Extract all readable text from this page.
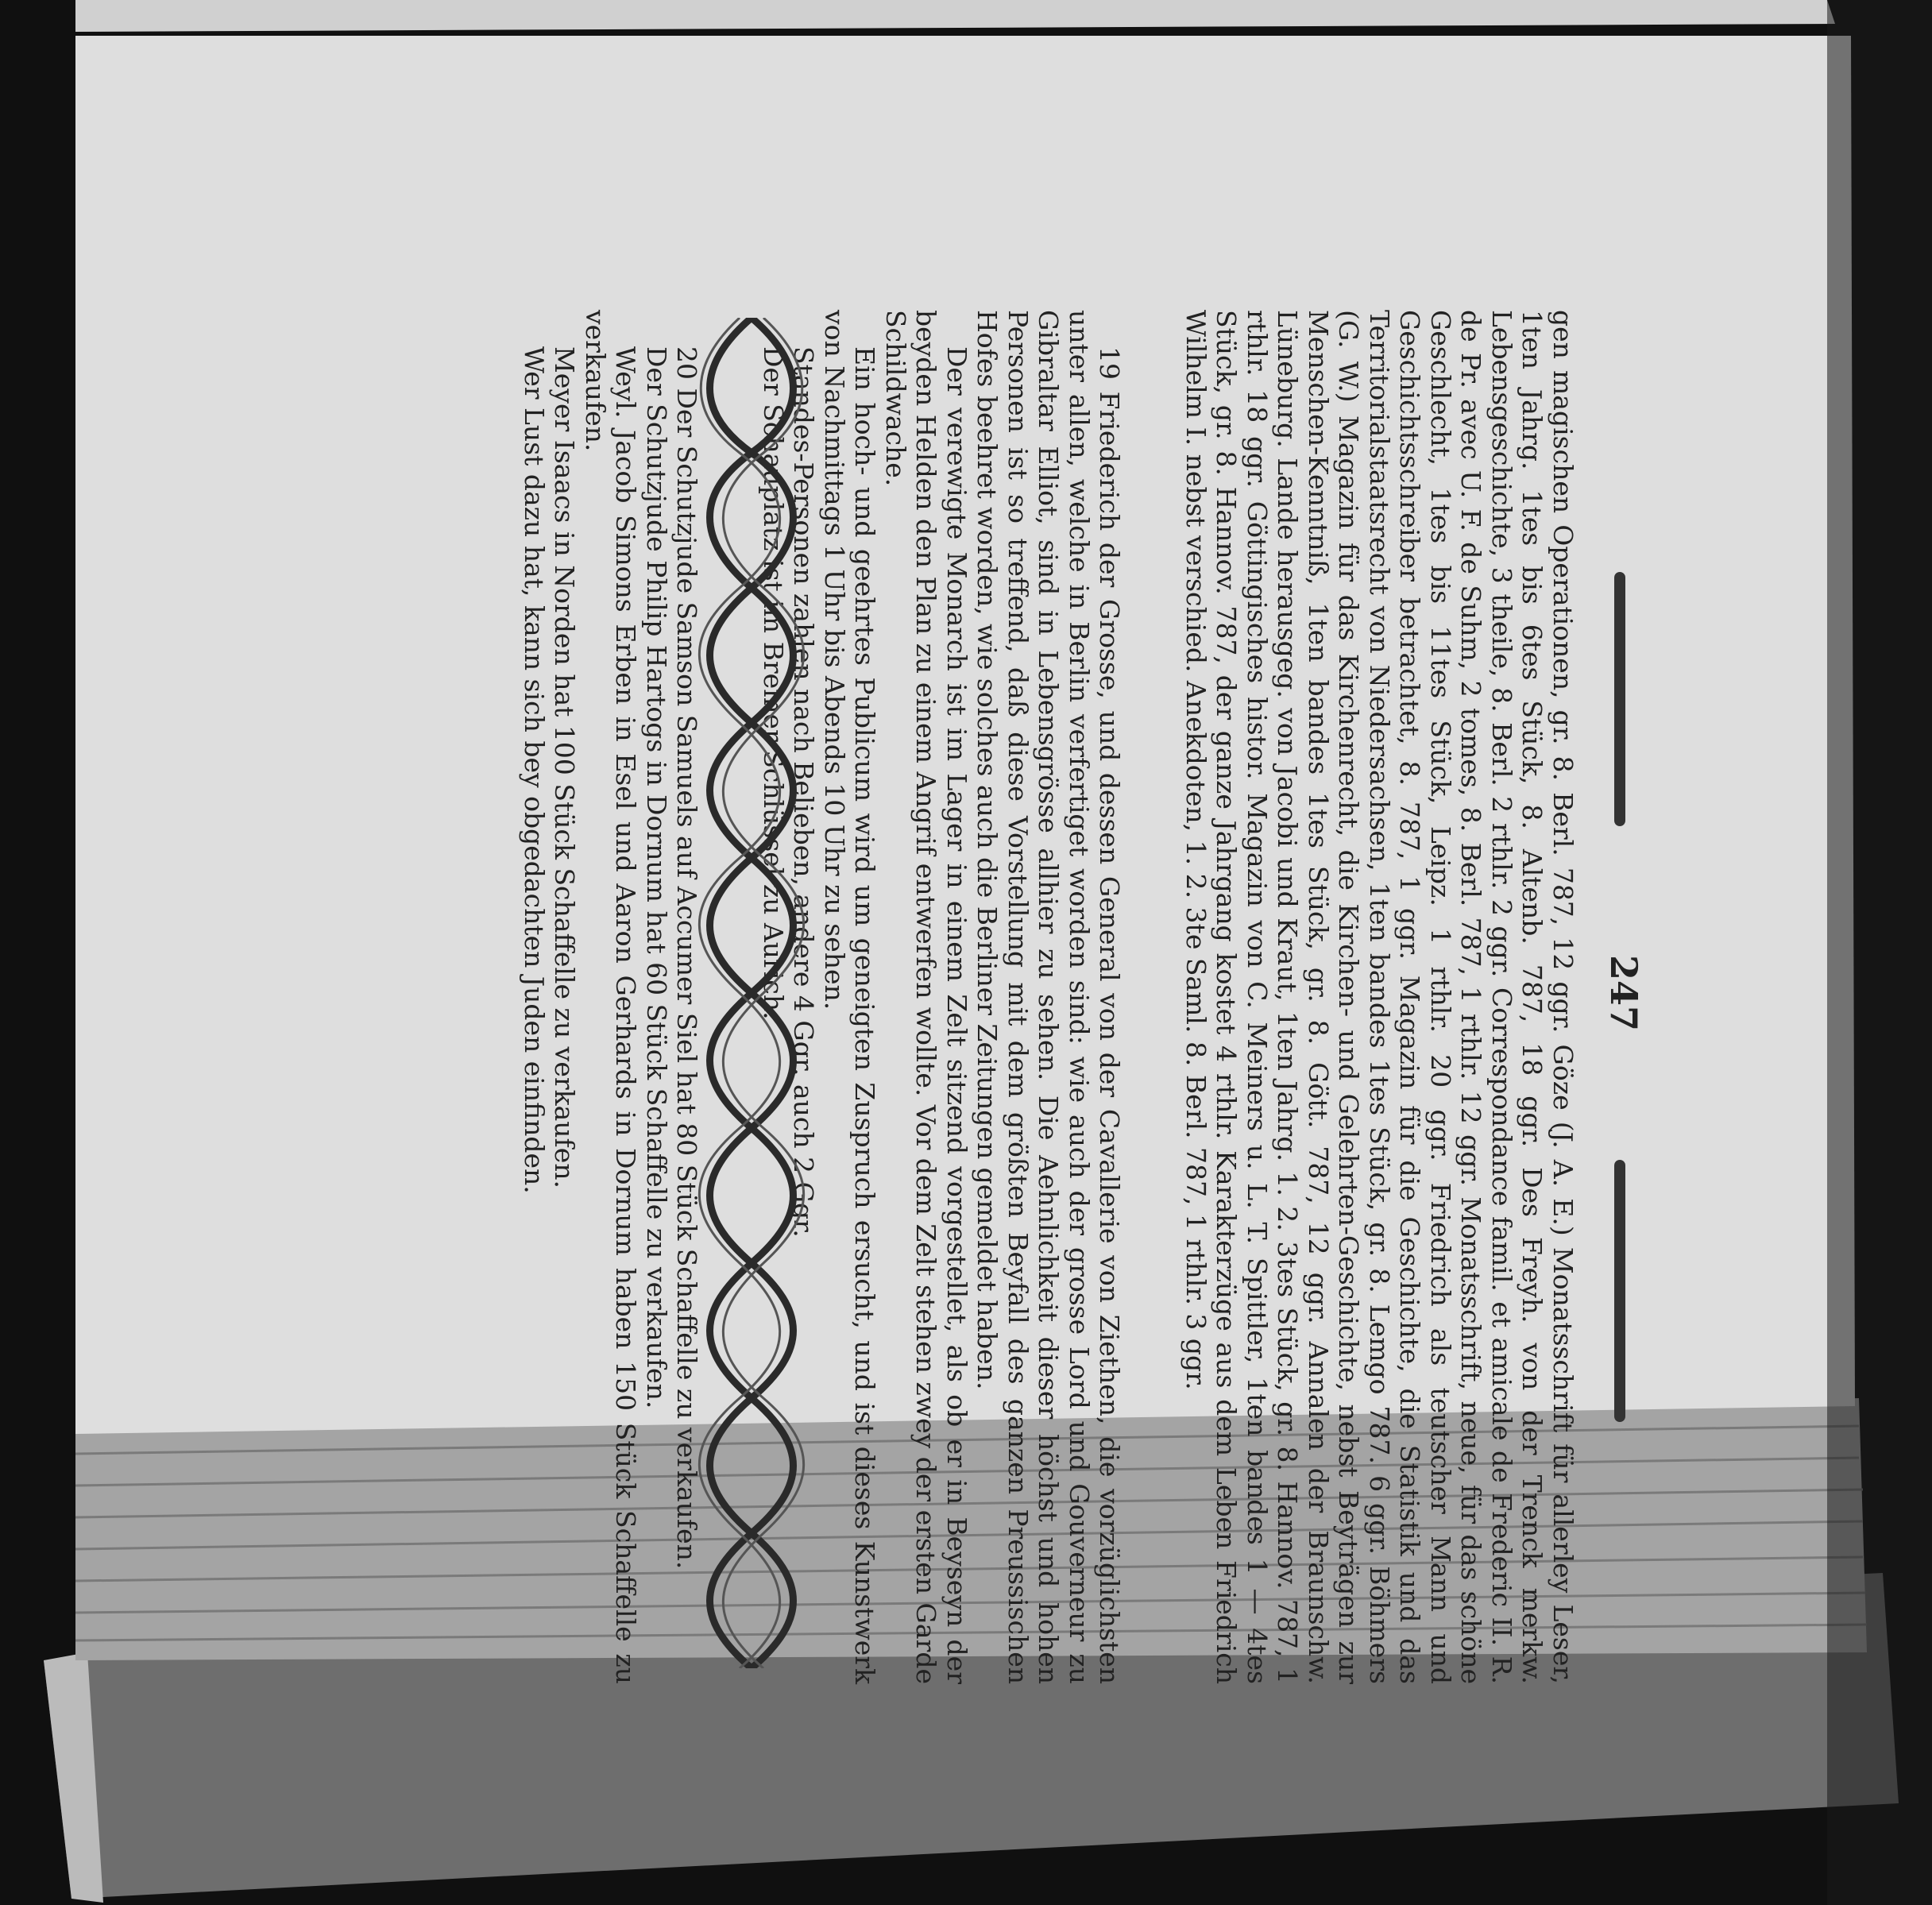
247

gen magischen Operationen, gr. 8. Berl. 787, 12 ggr. Göze (J. A. E.) Monatsschrift für allerley Leser, 1ten Jahrg. 1tes bis 6tes Stück, 8. Altenb. 787, 18 ggr. Des Freyh. von der Trenck merkw. Lebensgeschichte, 3 theile, 8. Berl. 2 rthlr. 2 ggr. Correspondance famil. et amicale de Frederic II. R. de Pr. avec U. F. de Suhm, 2 tomes, 8. Berl. 787, 1 rthlr. 12 ggr. Monatsschrift, neue, für das schöne Geschlecht, 1tes bis 11tes Stück, Leipz. 1 rthlr. 20 ggr. Friedrich als teutscher Mann und Geschichtsschreiber betrachtet, 8. 787, 1 ggr. Magazin für die Geschichte, die Statistik und das Territorialstaatsrecht von Niedersachsen, 1ten bandes 1tes Stück, gr. 8. Lemgo 787. 6 ggr. Böhmers (G. W.) Magazin für das Kirchenrecht, die Kirchen- und Gelehrten-Geschichte, nebst Beyträgen zur Menschen-Kenntniß, 1ten bandes 1tes Stück, gr. 8. Gött. 787, 12 ggr. Annalen der Braunschw. Lüneburg. Lande herausgeg. von Jacobi und Kraut, 1ten Jahrg. 1. 2. 3tes Stück, gr. 8. Hannov. 787, 1 rthlr. 18 ggr. Göttingisches histor. Magazin von C. Meiners u. L. T. Spittler, 1ten bandes 1 — 4tes Stück, gr. 8. Hannov. 787, der ganze Jahrgang kostet 4 rthlr. Karakterzüge aus dem Leben Friedrich Wilhelm I. nebst verschied. Anekdoten, 1. 2. 3te Saml. 8. Berl. 787, 1 rthlr. 3 ggr.

19 Friederich der Grosse, und dessen General von der Cavallerie von Ziethen, die vorzüglichsten unter allen, welche in Berlin verfertiget worden sind: wie auch der grosse Lord und Gouverneur zu Gibraltar Elliot, sind in Lebensgrösse allhier zu sehen. Die Aehnlichkeit dieser höchst und hohen Personen ist so treffend, daß diese Vorstellung mit dem größten Beyfall des ganzen Preussischen Hofes beehret worden, wie solches auch die Berliner Zeitungen gemeldet haben.

Der verewigte Monarch ist im Lager in einem Zelt sitzend vorgestellet, als ob er in Beyseyn der beyden Helden den Plan zu einem Angrif entwerfen wollte. Vor dem Zelt stehen zwey der ersten Garde Schildwache.

Ein hoch- und geehrtes Publicum wird um geneigten Zuspruch ersucht, und ist dieses Kunstwerk von Nachmittags 1 Uhr bis Abends 10 Uhr zu sehen.

Standes-Personen zahlen nach Belieben, andere 4 Ggr. auch 2 Ggr.

Der Schauplatz ist im Bremer Schlüssel zu Aurich.

20 Der Schutzjude Samson Samuels auf Accumer Siel hat 80 Stück Schaffelle zu verkaufen.

Der Schutzjude Philip Hartogs in Dornum hat 60 Stück Schaffelle zu verkaufen.

Weyl. Jacob Simons Erben in Esel und Aaron Gerhards in Dornum haben 150 Stück Schaffelle zu verkaufen.

Meyer Isaacs in Norden hat 100 Stück Schaffelle zu verkaufen.

Wer Lust dazu hat, kann sich bey obgedachten Juden einfinden.
